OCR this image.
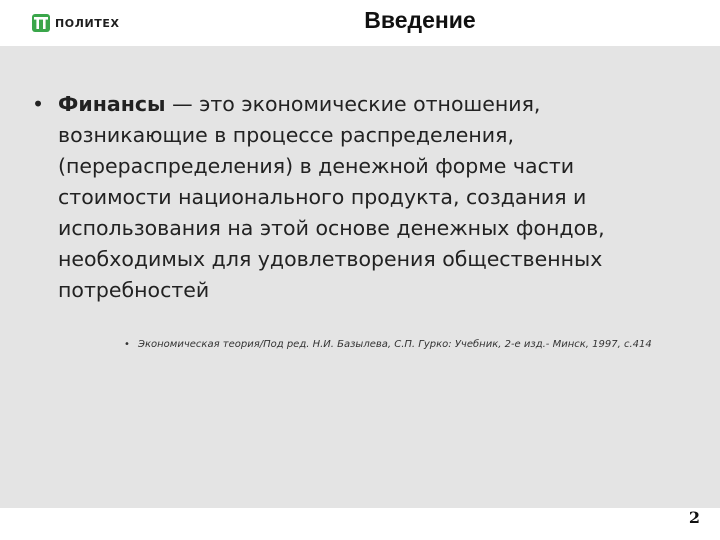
ПОЛИТЕХ	Введение
• Финансы — это экономические отношения, возникающие в процессе распределения, (перераспределения) в денежной форме части стоимости национального продукта, создания и использования на этой основе денежных фондов, необходимых для удовлетворения общественных потребностей
• Экономическая теория/Под ред. Н.И. Базылева, С.П. Гурко: Учебник, 2-е изд.- Минск, 1997, с.414
2
